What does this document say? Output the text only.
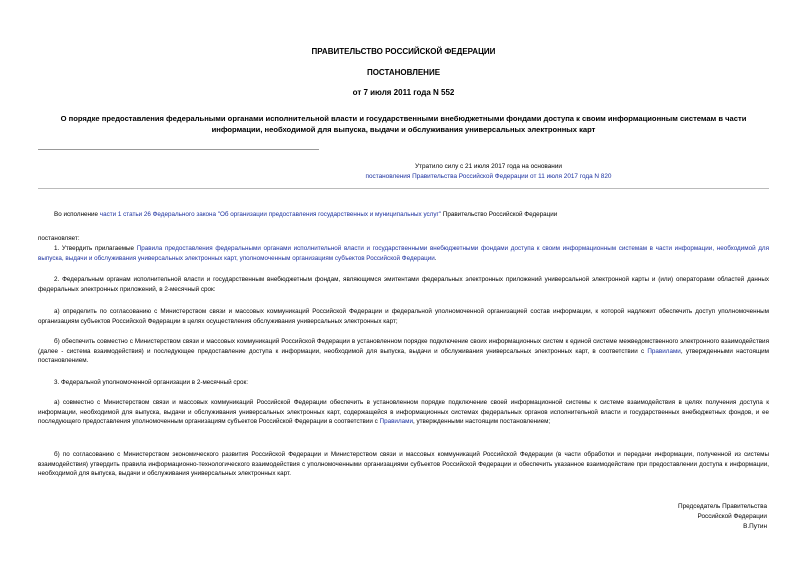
ПРАВИТЕЛЬСТВО РОССИЙСКОЙ ФЕДЕРАЦИИ
ПОСТАНОВЛЕНИЕ
от 7 июля 2011 года N 552
О порядке предоставления федеральными органами исполнительной власти и государственными внебюджетными фондами доступа к своим информационным системам в части информации, необходимой для выпуска, выдачи и обслуживания универсальных электронных карт
Утратило силу с 21 июля 2017 года на основании
постановления Правительства Российской Федерации от 11 июля 2017 года N 820
Во исполнение части 1 статьи 26 Федерального закона "Об организации предоставления государственных и муниципальных услуг" Правительство Российской Федерации
постановляет:
1. Утвердить прилагаемые Правила предоставления федеральными органами исполнительной власти и государственными внебюджетными фондами доступа к своим информационным системам в части информации, необходимой для выпуска, выдачи и обслуживания универсальных электронных карт, уполномоченным организациям субъектов Российской Федерации.
2. Федеральным органам исполнительной власти и государственным внебюджетным фондам, являющимся эмитентами федеральных электронных приложений универсальной электронной карты и (или) операторами областей данных федеральных электронных приложений, в 2-месячный срок:
а) определить по согласованию с Министерством связи и массовых коммуникаций Российской Федерации и федеральной уполномоченной организацией состав информации, к которой надлежит обеспечить доступ уполномоченным организациям субъектов Российской Федерации в целях осуществления обслуживания универсальных электронных карт;
б) обеспечить совместно с Министерством связи и массовых коммуникаций Российской Федерации в установленном порядке подключение своих информационных систем к единой системе межведомственного электронного взаимодействия (далее - система взаимодействия) и последующее предоставление доступа к информации, необходимой для выпуска, выдачи и обслуживания универсальных электронных карт, в соответствии с Правилами, утвержденными настоящим постановлением.
3. Федеральной уполномоченной организации в 2-месячный срок:
а) совместно с Министерством связи и массовых коммуникаций Российской Федерации обеспечить в установленном порядке подключение своей информационной системы к системе взаимодействия в целях получения доступа к информации, необходимой для выпуска, выдачи и обслуживания универсальных электронных карт, содержащейся в информационных системах федеральных органов исполнительной власти и государственных внебюджетных фондов, и ее последующего предоставления уполномоченным организациям субъектов Российской Федерации в соответствии с Правилами, утвержденными настоящим постановлением;
б) по согласованию с Министерством экономического развития Российской Федерации и Министерством связи и массовых коммуникаций Российской Федерации (в части обработки и передачи информации, полученной из системы взаимодействия) утвердить правила информационно-технологического взаимодействия с уполномоченными организациями субъектов Российской Федерации и обеспечить указанное взаимодействие при предоставлении доступа к информации, необходимой для выпуска, выдачи и обслуживания универсальных электронных карт.
Председатель Правительства
Российской Федерации
В.Путин
